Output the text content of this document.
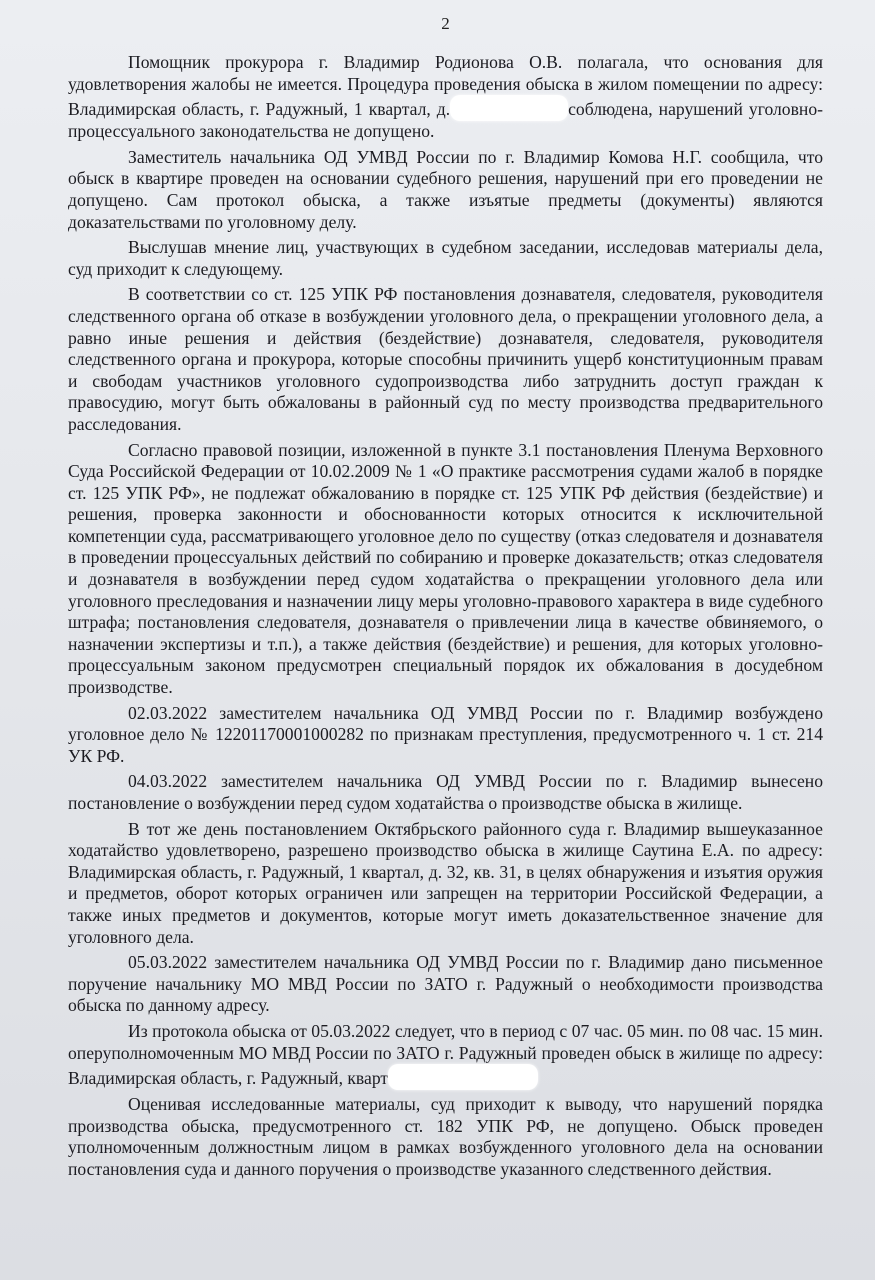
2

Помощник прокурора г. Владимир Родионова О.В. полагала, что основания для удовлетворения жалобы не имеется. Процедура проведения обыска в жилом помещении по адресу: Владимирская область, г. Радужный, 1 квартал, д.	соблюдена, нарушений уголовно-процессуального законодательства не допущено.

Заместитель начальника ОД УМВД России по г. Владимир Комова Н.Г. сообщила, что обыск в квартире проведен на основании судебного решения, нарушений при его проведении не допущено. Сам протокол обыска, а также изъятые предметы (документы) являются доказательствами по уголовному делу.

Выслушав мнение лиц, участвующих в судебном заседании, исследовав материалы дела, суд приходит к следующему.

В соответствии со ст. 125 УПК РФ постановления дознавателя, следователя, руководителя следственного органа об отказе в возбуждении уголовного дела, о прекращении уголовного дела, а равно иные решения и действия (бездействие) дознавателя, следователя, руководителя следственного органа и прокурора, которые способны причинить ущерб конституционным правам и свободам участников уголовного судопроизводства либо затруднить доступ граждан к правосудию, могут быть обжалованы в районный суд по месту производства предварительного расследования.

Согласно правовой позиции, изложенной в пункте 3.1 постановления Пленума Верховного Суда Российской Федерации от 10.02.2009 № 1 «О практике рассмотрения судами жалоб в порядке ст. 125 УПК РФ», не подлежат обжалованию в порядке ст. 125 УПК РФ действия (бездействие) и решения, проверка законности и обоснованности которых относится к исключительной компетенции суда, рассматривающего уголовное дело по существу (отказ следователя и дознавателя в проведении процессуальных действий по собиранию и проверке доказательств; отказ следователя и дознавателя в возбуждении перед судом ходатайства о прекращении уголовного дела или уголовного преследования и назначении лицу меры уголовно-правового характера в виде судебного штрафа; постановления следователя, дознавателя о привлечении лица в качестве обвиняемого, о назначении экспертизы и т.п.), а также действия (бездействие) и решения, для которых уголовно-процессуальным законом предусмотрен специальный порядок их обжалования в досудебном производстве.

02.03.2022 заместителем начальника ОД УМВД России по г. Владимир возбуждено уголовное дело № 12201170001000282 по признакам преступления, предусмотренного ч. 1 ст. 214 УК РФ.

04.03.2022 заместителем начальника ОД УМВД России по г. Владимир вынесено постановление о возбуждении перед судом ходатайства о производстве обыска в жилище.

В тот же день постановлением Октябрьского районного суда г. Владимир вышеуказанное ходатайство удовлетворено, разрешено производство обыска в жилище Саутина Е.А. по адресу: Владимирская область, г. Радужный, 1 квартал, д. 32, кв. 31, в целях обнаружения и изъятия оружия и предметов, оборот которых ограничен или запрещен на территории Российской Федерации, а также иных предметов и документов, которые могут иметь доказательственное значение для уголовного дела.

05.03.2022 заместителем начальника ОД УМВД России по г. Владимир дано письменное поручение начальнику МО МВД России по ЗАТО г. Радужный о необходимости производства обыска по данному адресу.

Из протокола обыска от 05.03.2022 следует, что в период с 07 час. 05 мин. по 08 час. 15 мин. оперуполномоченным МО МВД России по ЗАТО г. Радужный проведен обыск в жилище по адресу: Владимирская область, г. Радужный, кварт

Оценивая исследованные материалы, суд приходит к выводу, что нарушений порядка производства обыска, предусмотренного ст. 182 УПК РФ, не допущено. Обыск проведен уполномоченным должностным лицом в рамках возбужденного уголовного дела на основании постановления суда и данного поручения о производстве указанного следственного действия.
